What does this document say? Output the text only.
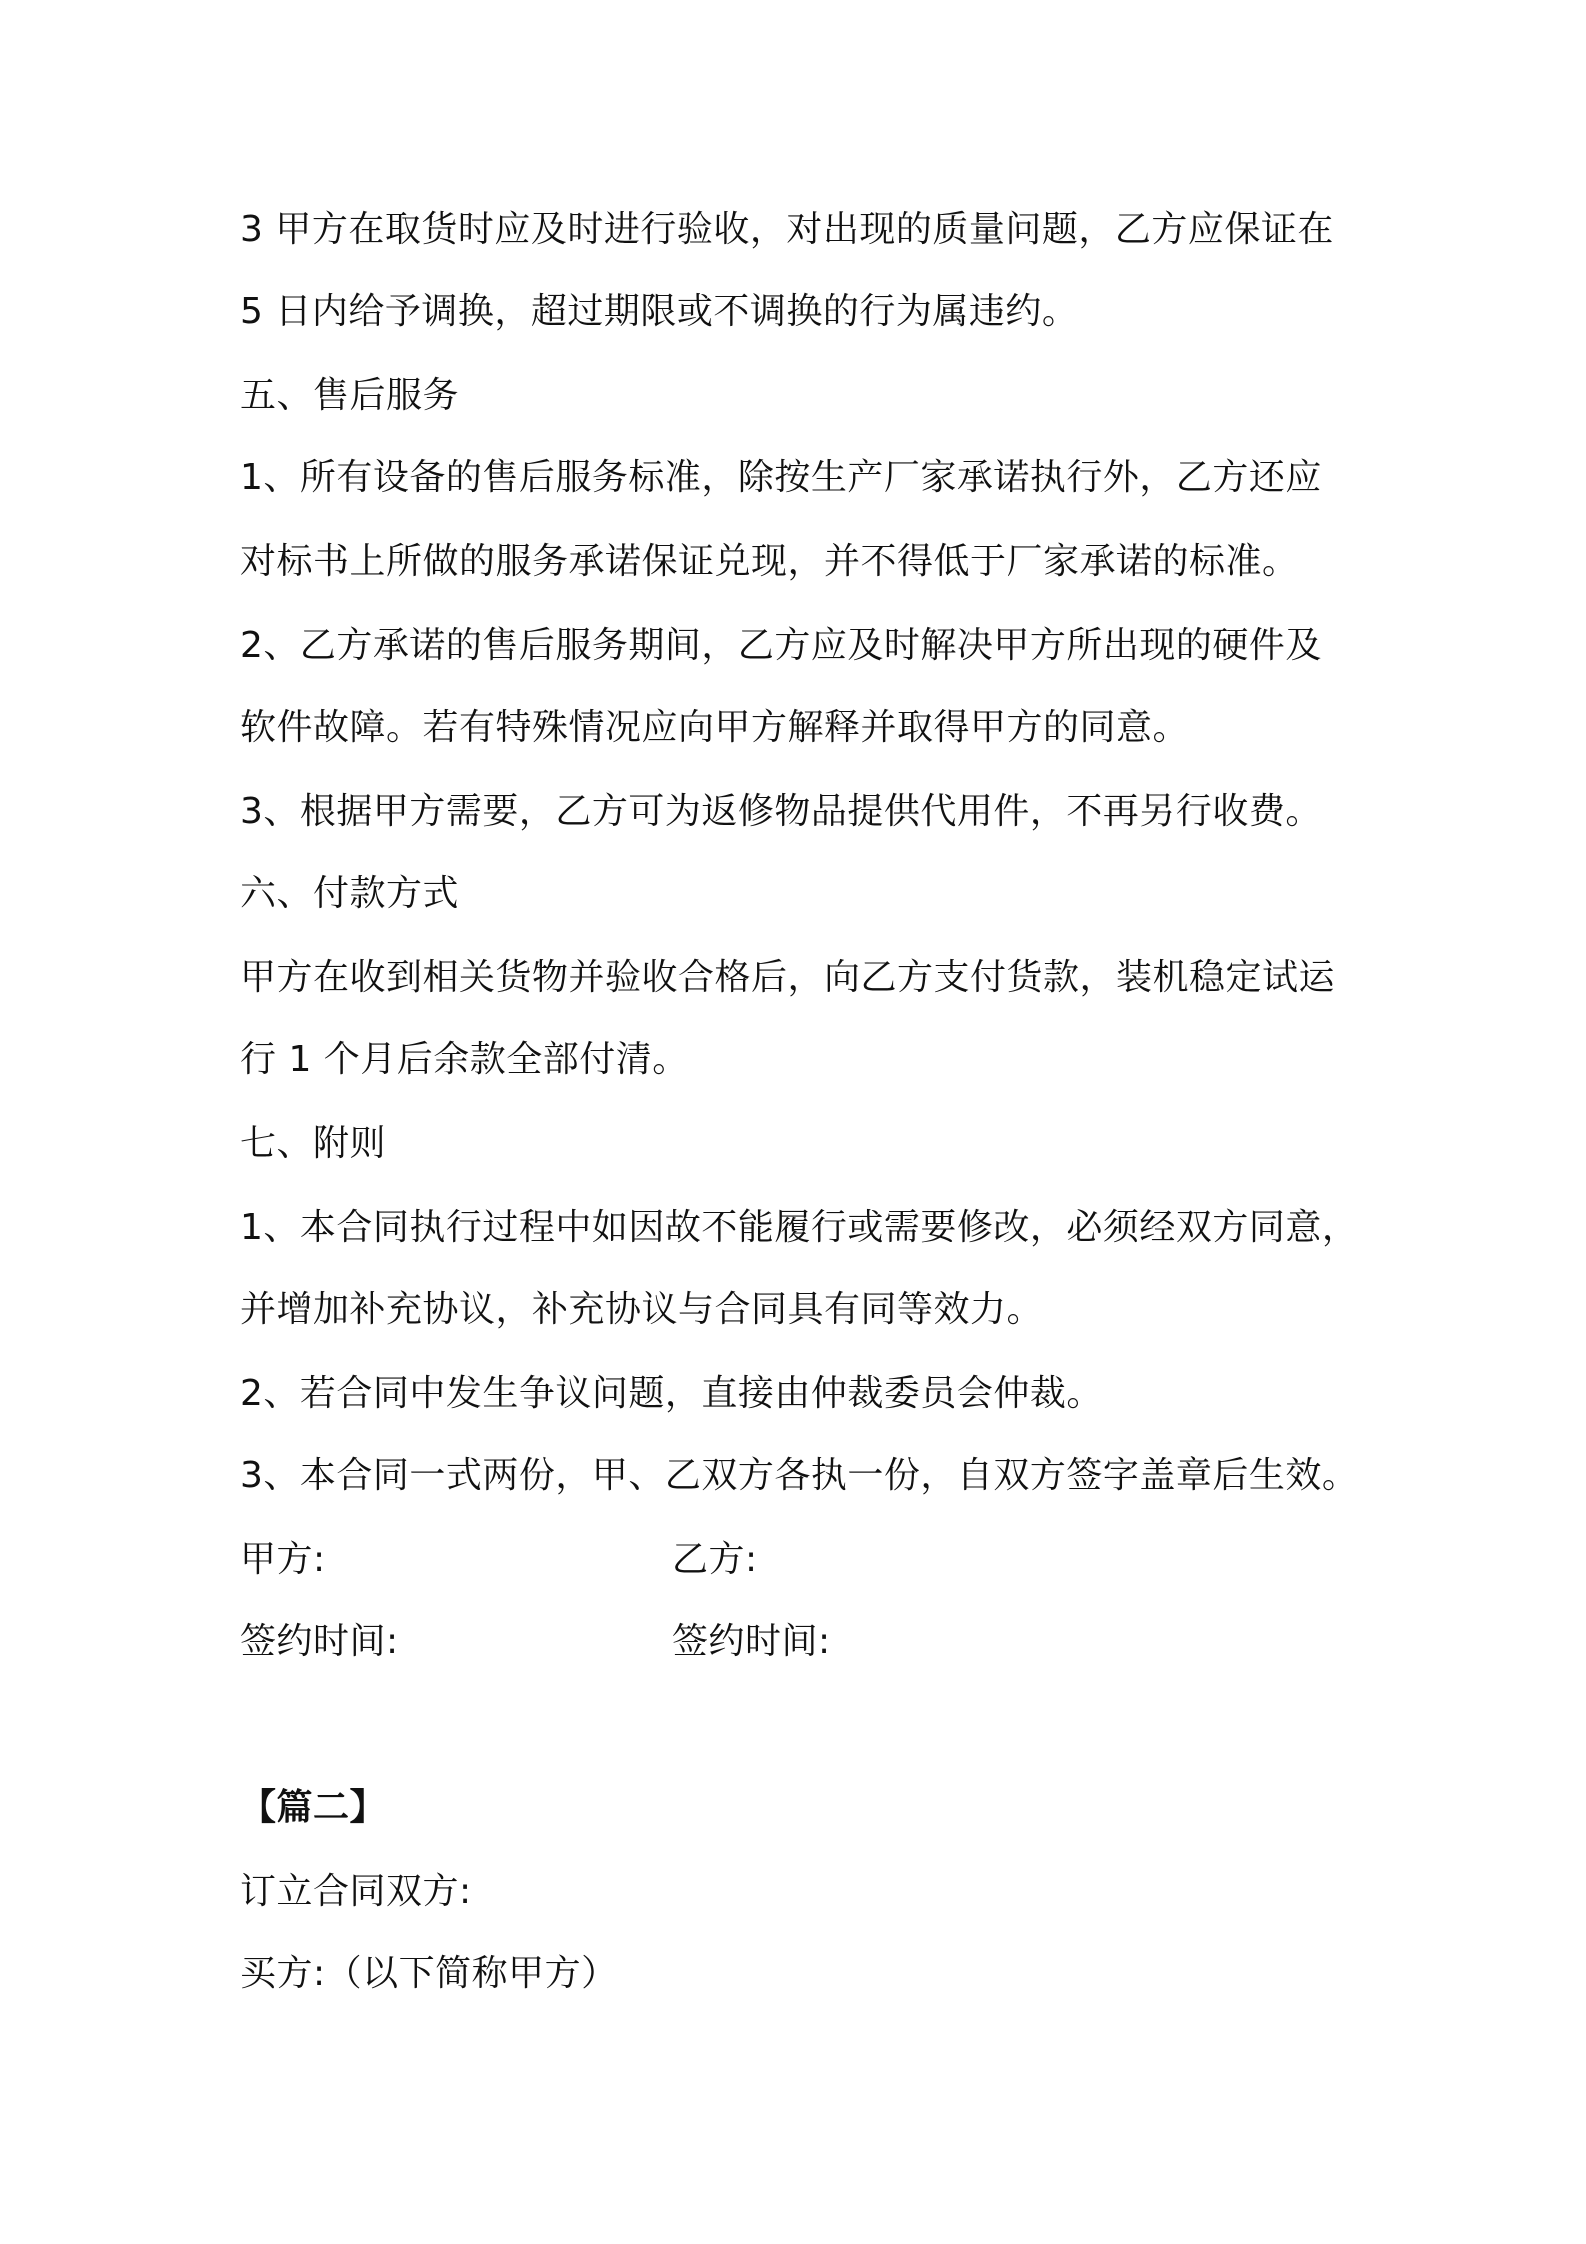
3 甲方在取货时应及时进行验收，对出现的质量问题，乙方应保证在
5 日内给予调换，超过期限或不调换的行为属违约。
五、售后服务
1、所有设备的售后服务标准，除按生产厂家承诺执行外，乙方还应
对标书上所做的服务承诺保证兑现，并不得低于厂家承诺的标准。
2、乙方承诺的售后服务期间，乙方应及时解决甲方所出现的硬件及
软件故障。若有特殊情况应向甲方解释并取得甲方的同意。
3、根据甲方需要，乙方可为返修物品提供代用件，不再另行收费。
六、付款方式
甲方在收到相关货物并验收合格后，向乙方支付货款，装机稳定试运
行 1 个月后余款全部付清。
七、附则
1、本合同执行过程中如因故不能履行或需要修改，必须经双方同意，
并增加补充协议，补充协议与合同具有同等效力。
2、若合同中发生争议问题，直接由仲裁委员会仲裁。
3、本合同一式两份，甲、乙双方各执一份，自双方签字盖章后生效。
甲方:	乙方:
签约时间:	签约时间:
【篇二】
订立合同双方:
买方:（以下简称甲方）
